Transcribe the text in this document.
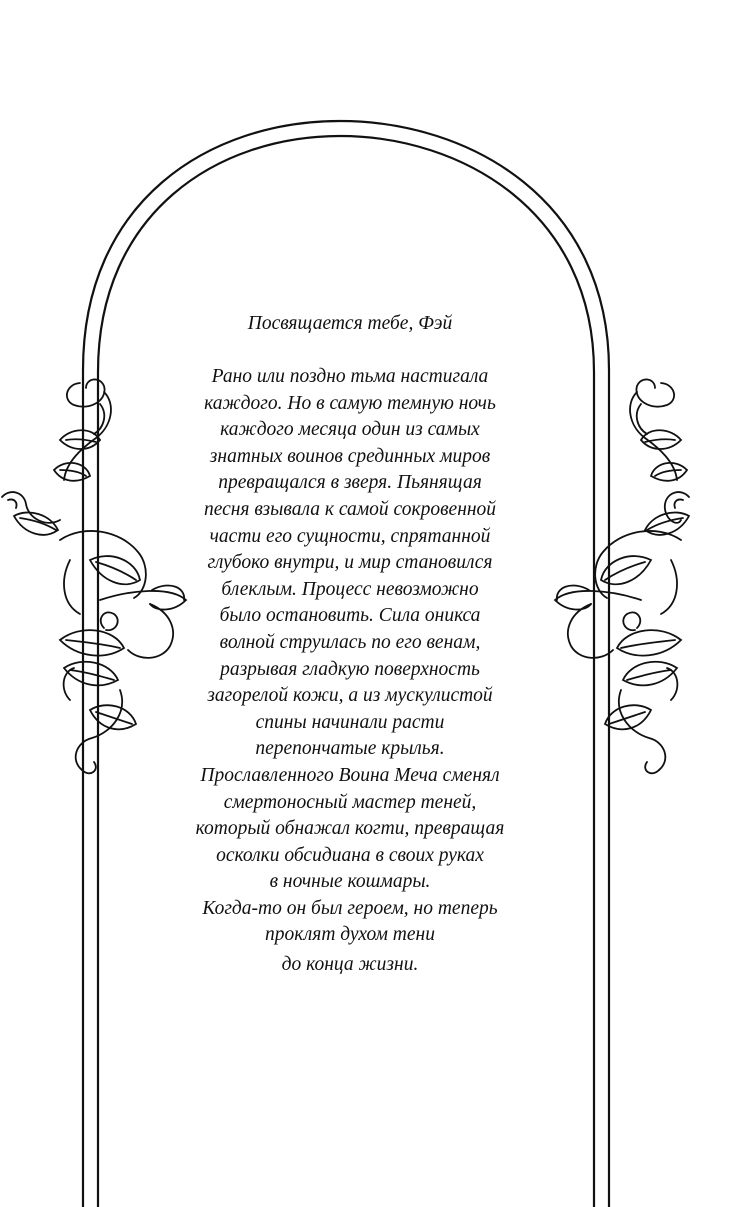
Посвящается тебе, Фэй
Рано или поздно тьма настигала
каждого. Но в самую темную ночь
каждого месяца один из самых
знатных воинов срединных миров
превращался в зверя. Пьянящая
песня взывала к самой сокровенной
части его сущности, спрятанной
глубоко внутри, и мир становился
блеклым. Процесс невозможно
было остановить. Сила оникса
волной струилась по его венам,
разрывая гладкую поверхность
загорелой кожи, а из мускулистой
спины начинали расти
перепончатые крылья.
Прославленного Воина Меча сменял
смертоносный мастер теней,
который обнажал когти, превращая
осколки обсидиана в своих руках
в ночные кошмары.
Когда-то он был героем, но теперь
проклят духом тени
до конца жизни.
